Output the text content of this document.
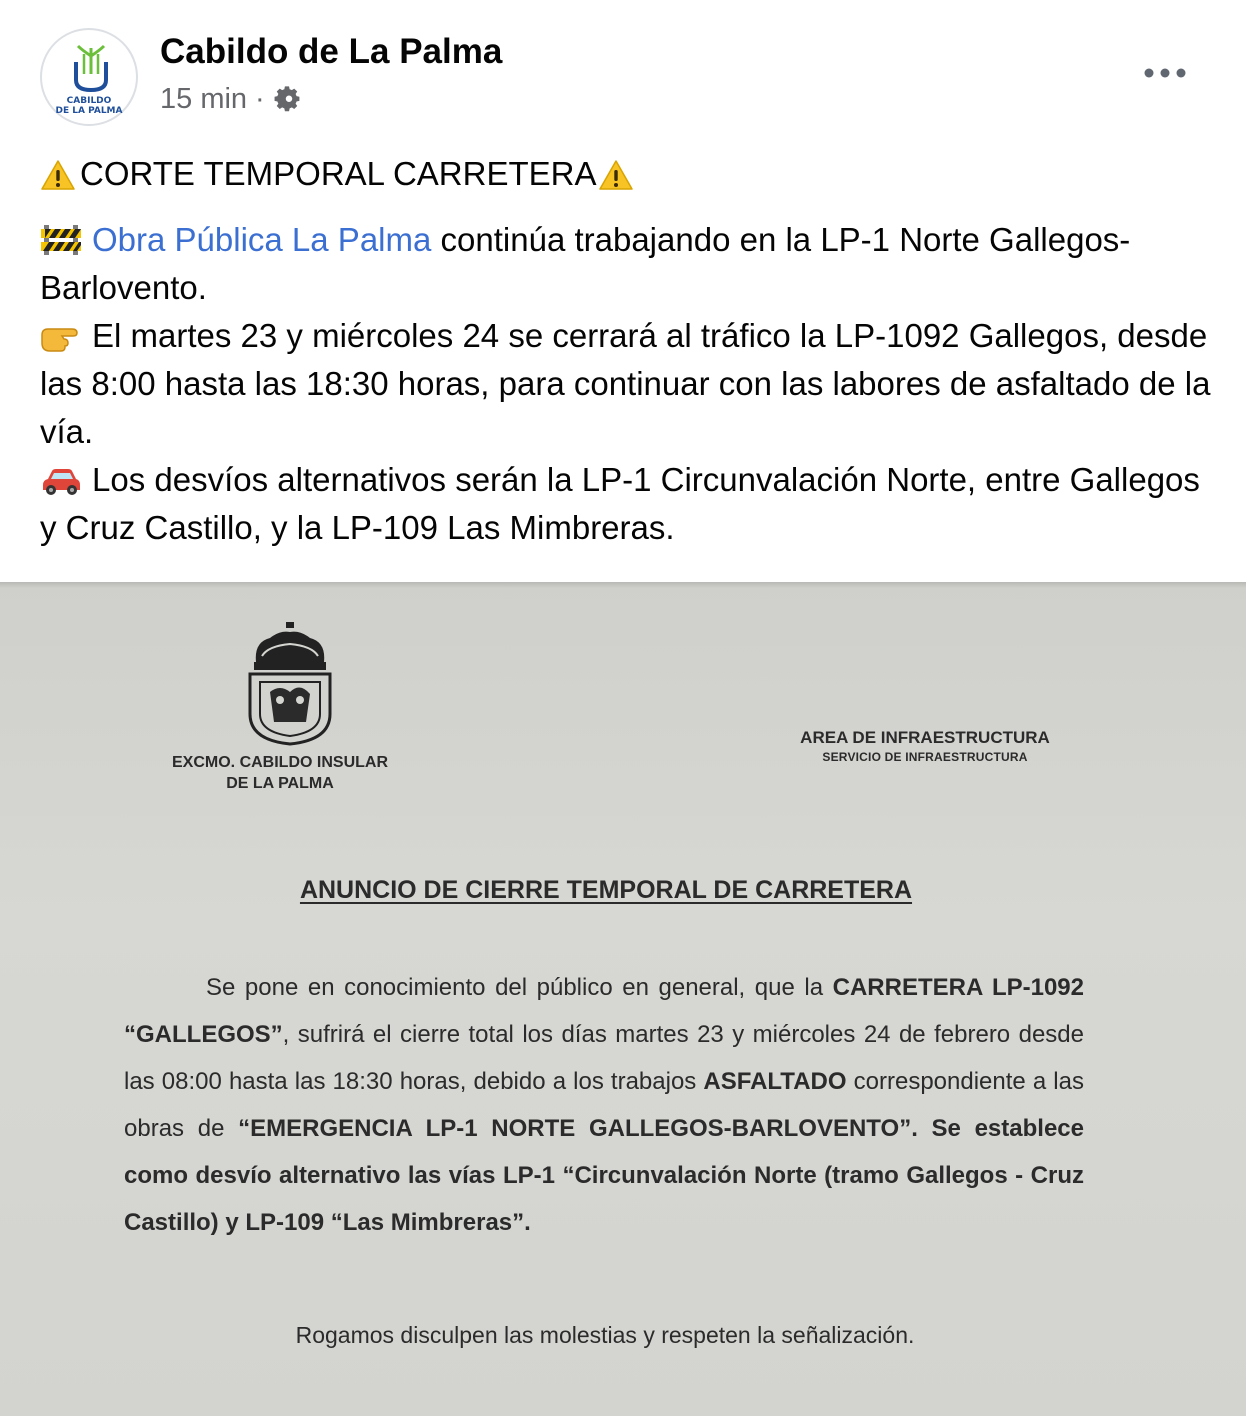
CABILDO
DE LA PALMA
Cabildo de La Palma
15 min ·
CORTE TEMPORAL CARRETERA

Obra Pública La Palma continúa trabajando en la LP-1 Norte Gallegos-Barlovento.

El martes 23 y miércoles 24 se cerrará al tráfico la LP-1092 Gallegos, desde las 8:00 hasta las 18:30 horas, para continuar con las labores de asfaltado de la vía.

Los desvíos alternativos serán la LP-1 Circunvalación Norte, entre Gallegos y Cruz Castillo, y la LP-109 Las Mimbreras.

EXCMO. CABILDO INSULAR
DE LA PALMA
AREA DE INFRAESTRUCTURA
SERVICIO DE INFRAESTRUCTURA
ANUNCIO DE CIERRE TEMPORAL DE CARRETERA
Se pone en conocimiento del público en general, que la CARRETERA LP-1092 “GALLEGOS”, sufrirá el cierre total los días martes 23 y miércoles 24 de febrero desde las 08:00 hasta las 18:30 horas, debido a los trabajos ASFALTADO correspondiente a las obras de “EMERGENCIA LP-1 NORTE GALLEGOS-BARLOVENTO”. Se establece como desvío alternativo las vías LP-1 “Circunvalación Norte (tramo Gallegos - Cruz Castillo) y LP-109 “Las Mimbreras”.
Rogamos disculpen las molestias y respeten la señalización.
